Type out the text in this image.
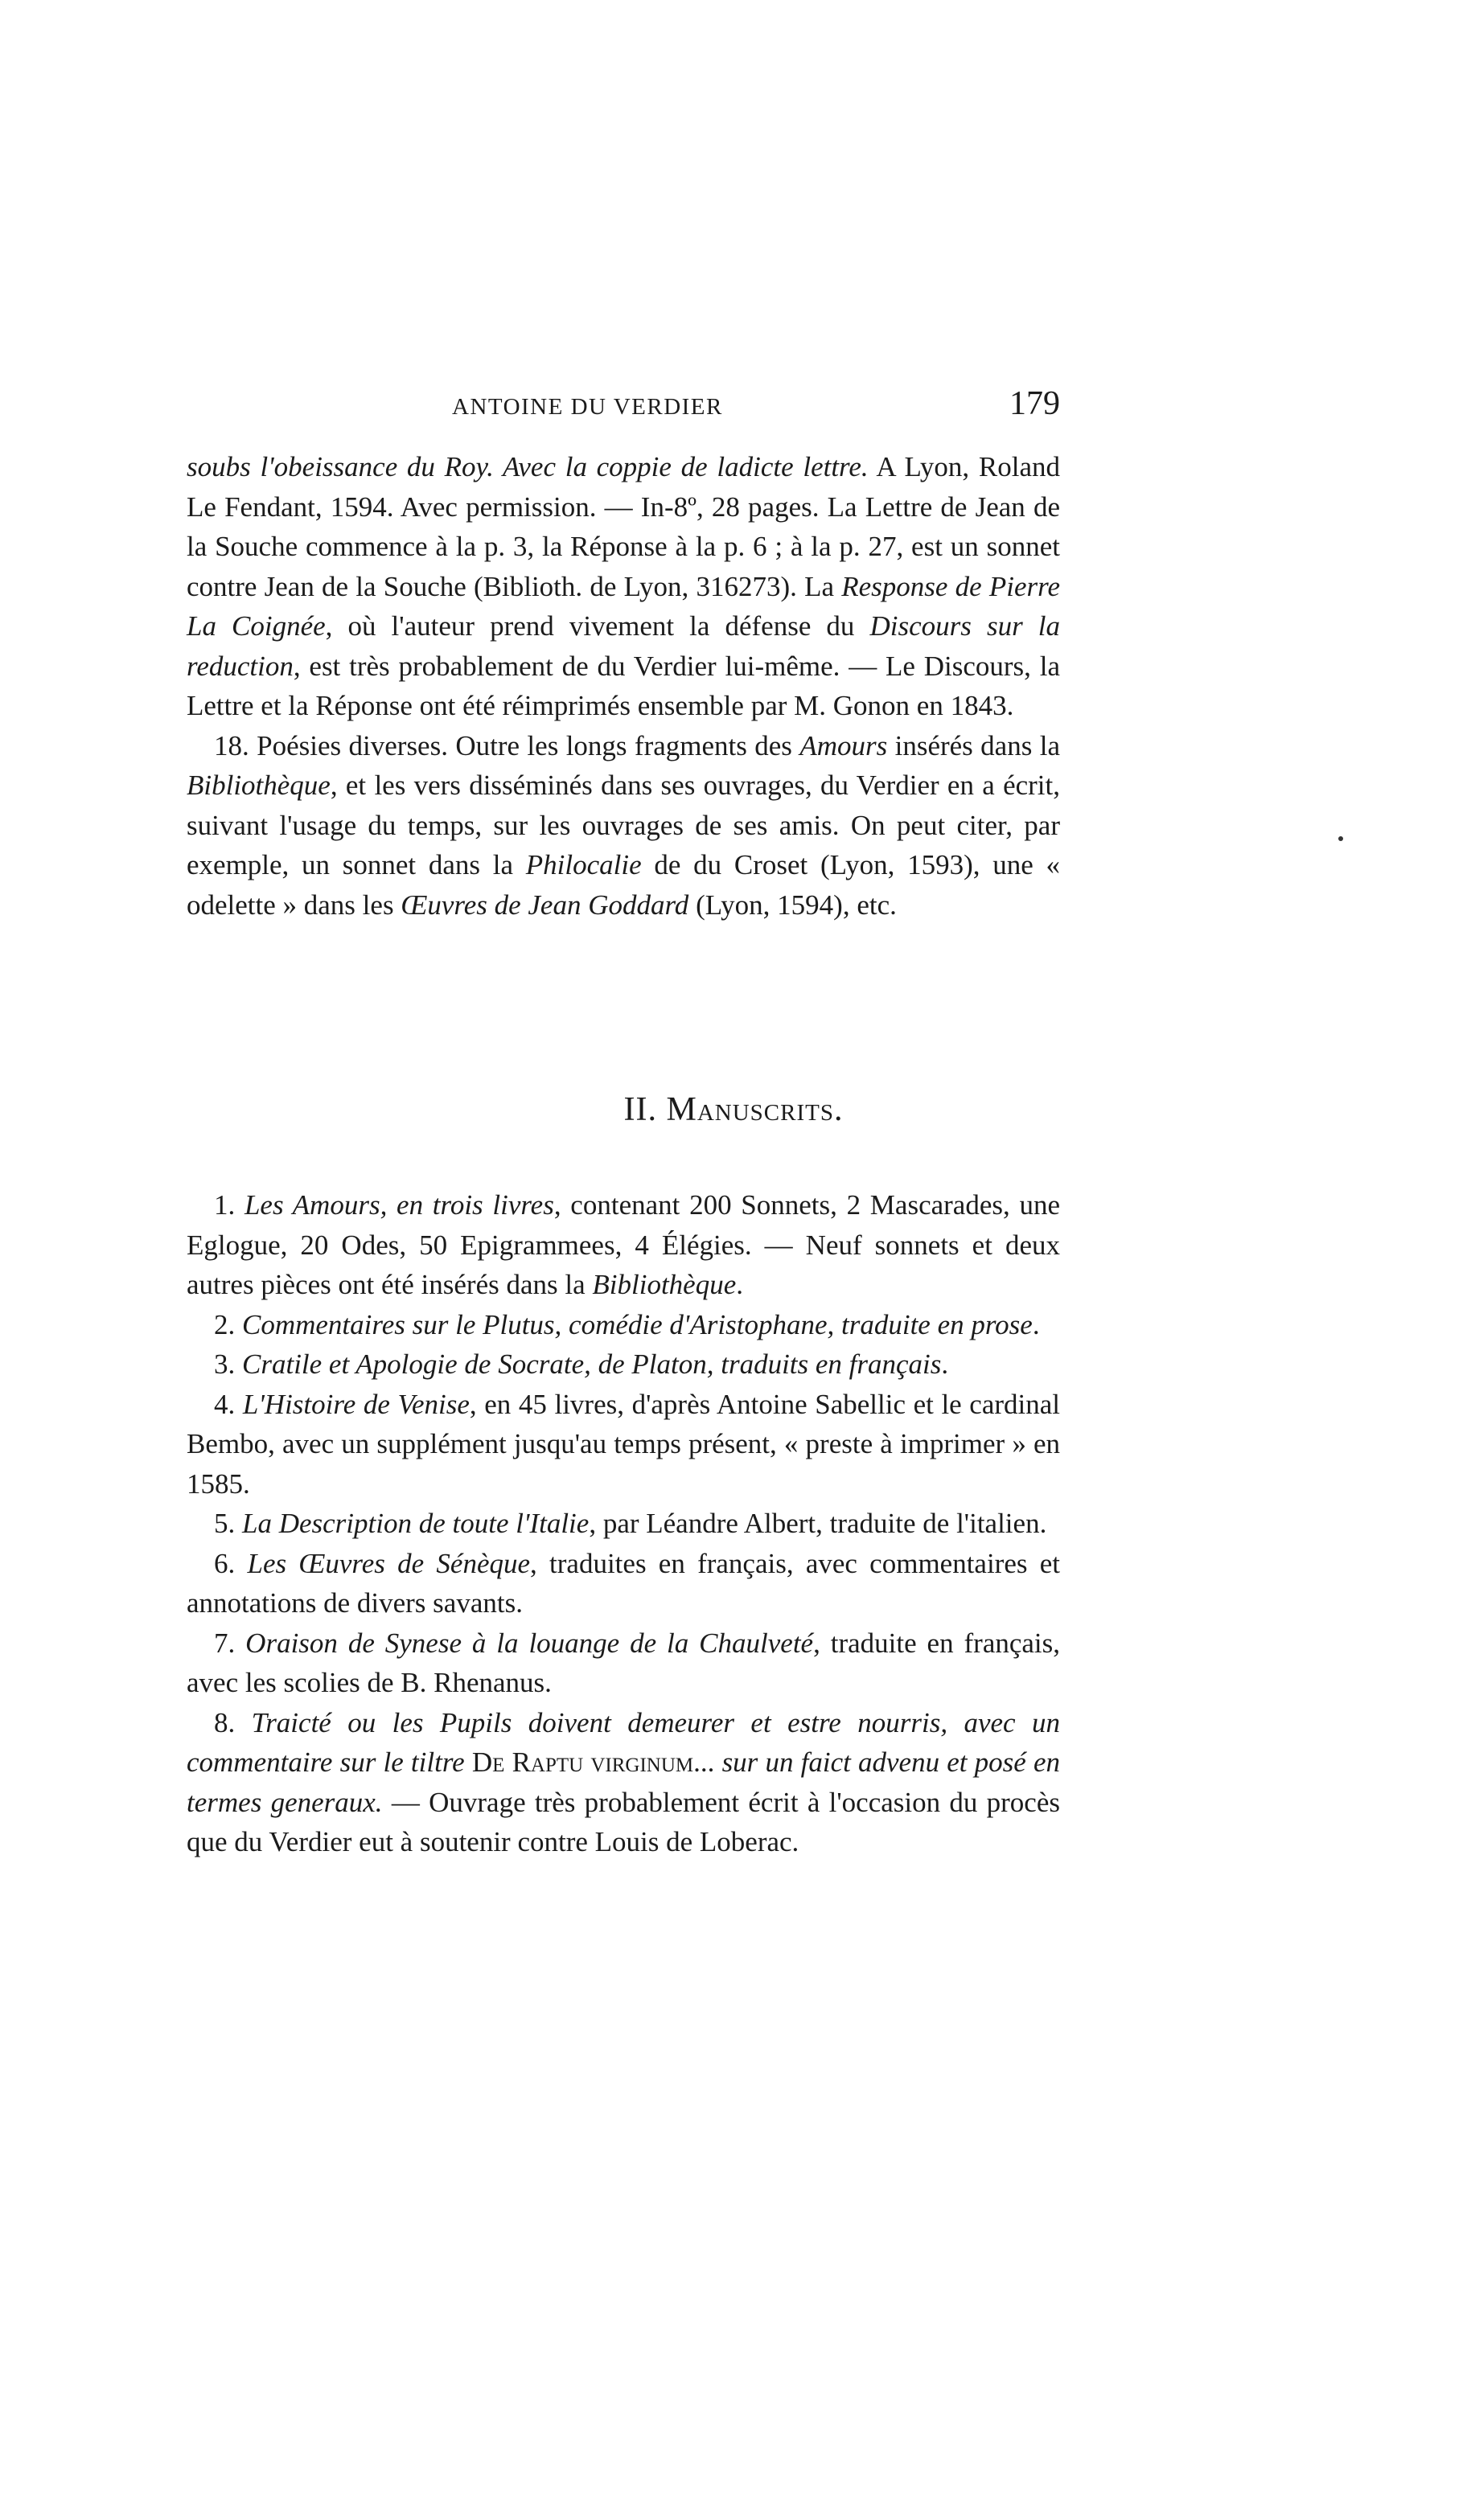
ANTOINE DU VERDIER	179

soubs l'obeissance du Roy. Avec la coppie de ladicte lettre. A Lyon, Roland Le Fendant, 1594. Avec permission. — In-8º, 28 pages. La Lettre de Jean de la Souche commence à la p. 3, la Réponse à la p. 6 ; à la p. 27, est un sonnet contre Jean de la Souche (Biblioth. de Lyon, 316273). La Response de Pierre La Coignée, où l'auteur prend vivement la défense du Discours sur la reduction, est très probablement de du Verdier lui-même. — Le Discours, la Lettre et la Réponse ont été réimprimés ensemble par M. Gonon en 1843.

18. Poésies diverses. Outre les longs fragments des Amours insérés dans la Bibliothèque, et les vers disséminés dans ses ouvrages, du Verdier en a écrit, suivant l'usage du temps, sur les ouvrages de ses amis. On peut citer, par exemple, un sonnet dans la Philocalie de du Croset (Lyon, 1593), une « odelette » dans les Œuvres de Jean Goddard (Lyon, 1594), etc.

II. Manuscrits.

1. Les Amours, en trois livres, contenant 200 Sonnets, 2 Mascarades, une Eglogue, 20 Odes, 50 Epigrammees, 4 Élégies. — Neuf sonnets et deux autres pièces ont été insérés dans la Bibliothèque.

2. Commentaires sur le Plutus, comédie d'Aristophane, traduite en prose.

3. Cratile et Apologie de Socrate, de Platon, traduits en français.

4. L'Histoire de Venise, en 45 livres, d'après Antoine Sabellic et le cardinal Bembo, avec un supplément jusqu'au temps présent, « preste à imprimer » en 1585.

5. La Description de toute l'Italie, par Léandre Albert, traduite de l'italien.

6. Les Œuvres de Sénèque, traduites en français, avec commentaires et annotations de divers savants.

7. Oraison de Synese à la louange de la Chaulveté, traduite en français, avec les scolies de B. Rhenanus.

8. Traicté ou les Pupils doivent demeurer et estre nourris, avec un commentaire sur le tiltre De Raptu virginum... sur un faict advenu et posé en termes generaux. — Ouvrage très probablement écrit à l'occasion du procès que du Verdier eut à soutenir contre Louis de Loberac.
